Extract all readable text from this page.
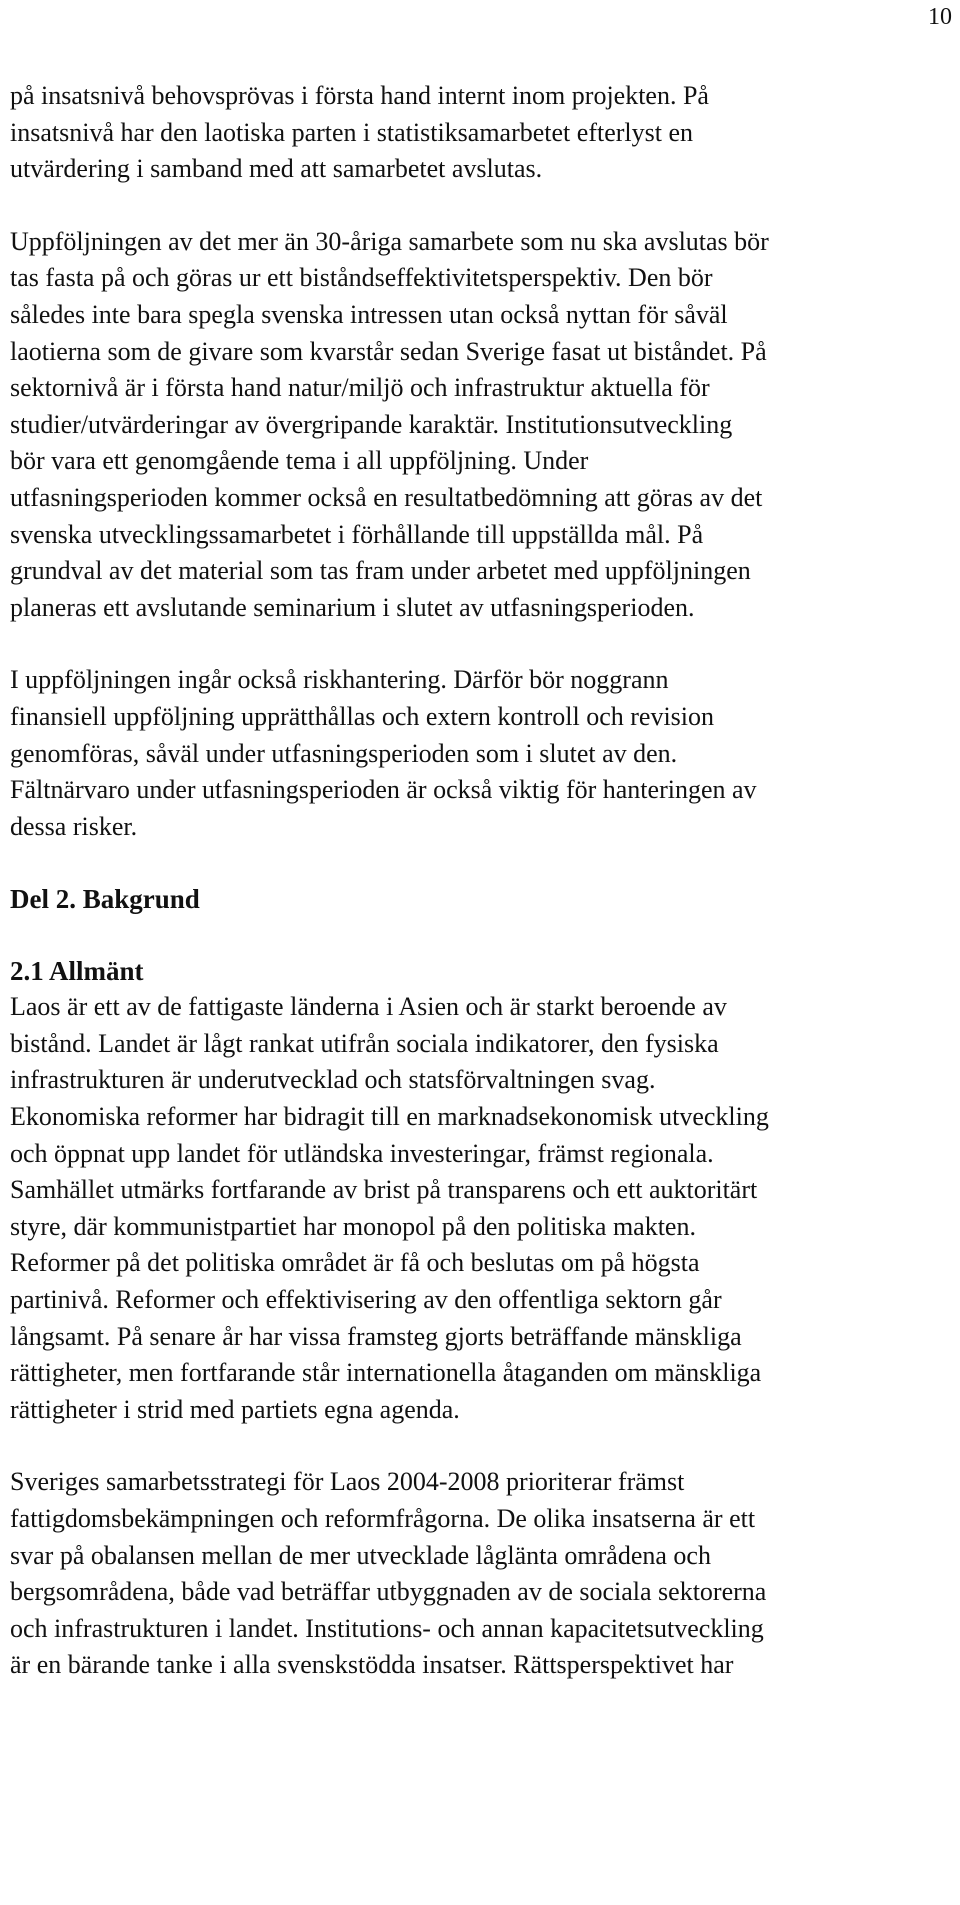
10

på insatsnivå behovsprövas i första hand internt inom projekten. På

insatsnivå har den laotiska parten i statistiksamarbetet efterlyst en

utvärdering i samband med att samarbetet avslutas.

Uppföljningen av det mer än 30-åriga samarbete som nu ska avslutas bör

tas fasta på och göras ur ett biståndseffektivitetsperspektiv. Den bör

således inte bara spegla svenska intressen utan också nyttan för såväl

laotierna som de givare som kvarstår sedan Sverige fasat ut biståndet. På

sektornivå är i första hand natur/miljö och infrastruktur aktuella för

studier/utvärderingar av övergripande karaktär. Institutionsutveckling

bör vara ett genomgående tema i all uppföljning. Under

utfasningsperioden kommer också en resultatbedömning att göras av det

svenska utvecklingssamarbetet i förhållande till uppställda mål. På

grundval av det material som tas fram under arbetet med uppföljningen

planeras ett avslutande seminarium i slutet av utfasningsperioden.

I uppföljningen ingår också riskhantering. Därför bör noggrann

finansiell uppföljning upprätthållas och extern kontroll och revision

genomföras, såväl under utfasningsperioden som i slutet av den.

Fältnärvaro under utfasningsperioden är också viktig för hanteringen av

dessa risker.

Del 2. Bakgrund
2.1 Allmänt

Laos är ett av de fattigaste länderna i Asien och är starkt beroende av

bistånd. Landet är lågt rankat utifrån sociala indikatorer, den fysiska

infrastrukturen är underutvecklad och statsförvaltningen svag.

Ekonomiska reformer har bidragit till en marknadsekonomisk utveckling

och öppnat upp landet för utländska investeringar, främst regionala.

Samhället utmärks fortfarande av brist på transparens och ett auktoritärt

styre, där kommunistpartiet har monopol på den politiska makten.

Reformer på det politiska området är få och beslutas om på högsta

partinivå. Reformer och effektivisering av den offentliga sektorn går

långsamt. På senare år har vissa framsteg gjorts beträffande mänskliga

rättigheter, men fortfarande står internationella åtaganden om mänskliga

rättigheter i strid med partiets egna agenda.

Sveriges samarbetsstrategi för Laos 2004-2008 prioriterar främst

fattigdomsbekämpningen och reformfrågorna. De olika insatserna är ett

svar på obalansen mellan de mer utvecklade låglänta områdena och

bergsområdena, både vad beträffar utbyggnaden av de sociala sektorerna

och infrastrukturen i landet. Institutions- och annan kapacitetsutveckling

är en bärande tanke i alla svenskstödda insatser. Rättsperspektivet har
